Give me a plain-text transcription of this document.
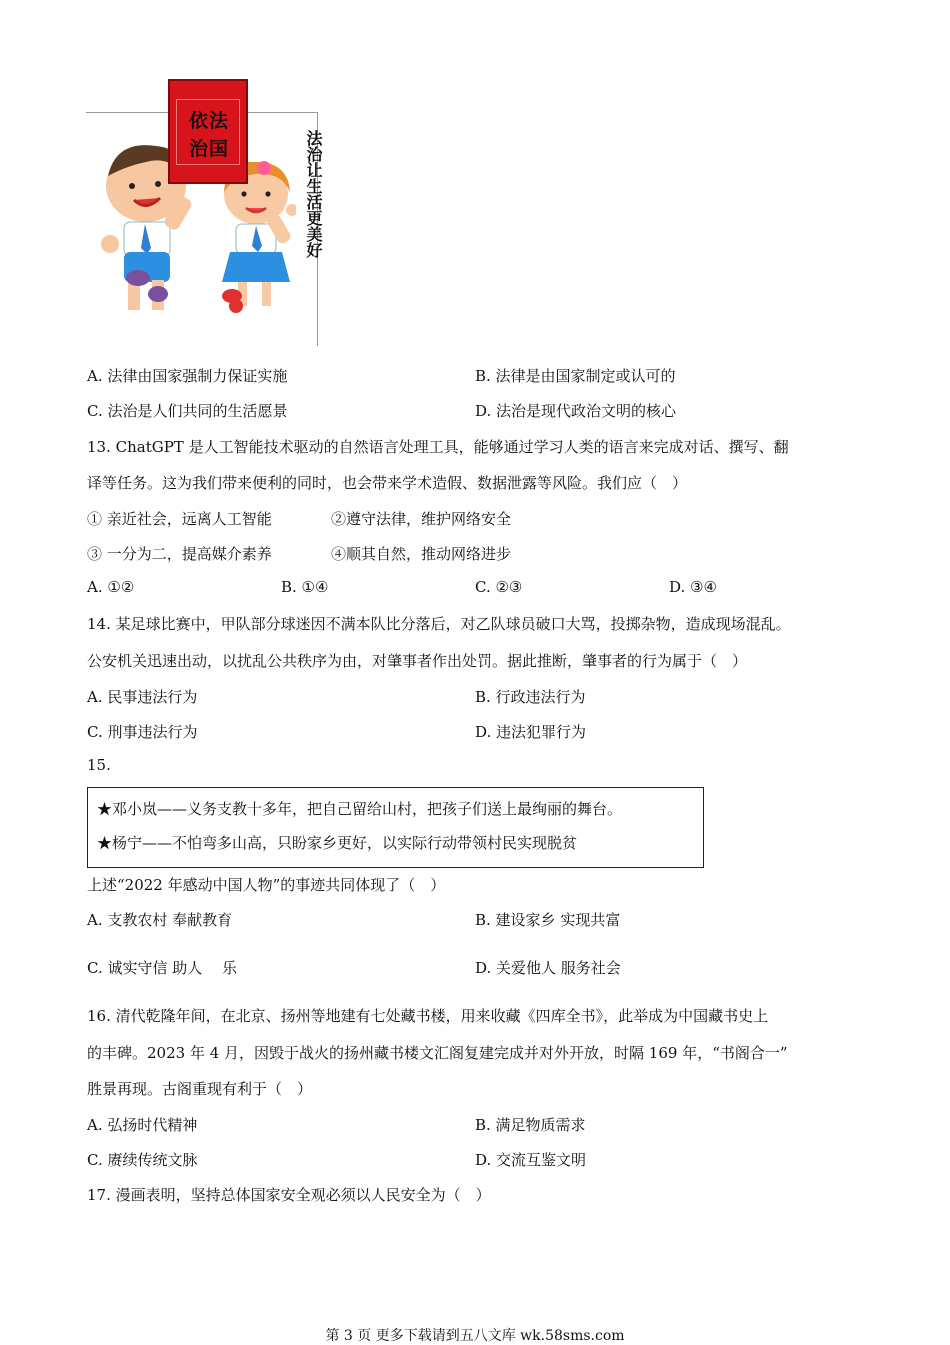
依法
治国	法治让生活更美好
A. 法律由国家强制力保证实施	B. 法律是由国家制定或认可的
C. 法治是人们共同的生活愿景	D. 法治是现代政治文明的核心
13. ChatGPT 是人工智能技术驱动的自然语言处理工具，能够通过学习人类的语言来完成对话、撰写、翻
译等任务。这为我们带来便利的同时，也会带来学术造假、数据泄露等风险。我们应（　）
① 亲近社会，远离人工智能	②遵守法律，维护网络安全
③ 一分为二，提高媒介素养	④顺其自然，推动网络进步
A. ①②	B. ①④	C. ②③	D. ③④
14. 某足球比赛中，甲队部分球迷因不满本队比分落后，对乙队球员破口大骂，投掷杂物，造成现场混乱。
公安机关迅速出动，以扰乱公共秩序为由，对肇事者作出处罚。据此推断，肇事者的行为属于（　）
A. 民事违法行为	B. 行政违法行为
C. 刑事违法行为	D. 违法犯罪行为
15.
★邓小岚——义务支教十多年，把自己留给山村，把孩子们送上最绚丽的舞台。
★杨宁——不怕弯多山高，只盼家乡更好，以实际行动带领村民实现脱贫
上述“2022 年感动中国人物”的事迹共同体现了（　）
A. 支教农村 奉献教育	B. 建设家乡 实现共富
C. 诚实守信 助人　 乐	D. 关爱他人 服务社会
16. 清代乾隆年间，在北京、扬州等地建有七处藏书楼，用来收藏《四库全书》，此举成为中国藏书史上
的丰碑。2023 年 4 月，因毁于战火的扬州藏书楼文汇阁复建完成并对外开放，时隔 169 年，“书阁合一”
胜景再现。古阁重现有利于（　）
A. 弘扬时代精神	B. 满足物质需求
C. 赓续传统文脉	D. 交流互鉴文明
17. 漫画表明，坚持总体国家安全观必须以人民安全为（　）
第 3 页 更多下载请到五八文库 wk.58sms.com
